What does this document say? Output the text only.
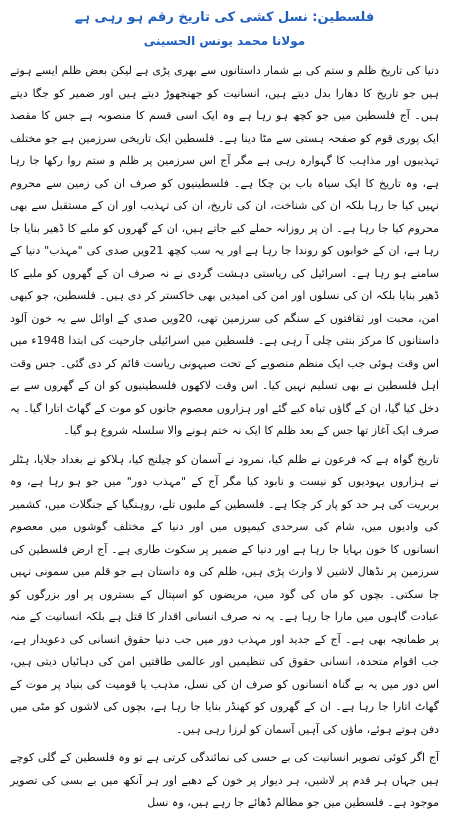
فلسطین: نسل کشی کی تاریخ رقم ہو رہی ہے
مولانا محمد یونس الحسینی

دنیا کی تاریخ ظلم و ستم کی بے شمار داستانوں سے بھری پڑی ہے لیکن بعض ظلم ایسے ہوتے ہیں جو تاریخ کا دھارا بدل دیتے ہیں، انسانیت کو جھنجھوڑ دیتے ہیں اور ضمیر کو جگا دیتے ہیں۔ آج فلسطین میں جو کچھ ہو رہا ہے وہ ایک اسی قسم کا منصوبہ ہے جس کا مقصد ایک پوری قوم کو صفحہ ہستی سے مٹا دینا ہے۔ فلسطین ایک تاریخی سرزمین ہے جو مختلف تہذیبوں اور مذاہب کا گہوارہ رہی ہے مگر آج اس سرزمین پر ظلم و ستم روا رکھا جا رہا ہے، وہ تاریخ کا ایک سیاہ باب بن چکا ہے۔ فلسطینیوں کو صرف ان کی زمین سے محروم نہیں کیا جا رہا بلکہ ان کی شناخت، ان کی تاریخ، ان کی تہذیب اور ان کے مستقبل سے بھی محروم کیا جا رہا ہے۔ ان پر روزانہ حملے کیے جاتے ہیں، ان کے گھروں کو ملبے کا ڈھیر بنایا جا رہا ہے، ان کے خوابوں کو روندا جا رہا ہے اور یہ سب کچھ 21ویں صدی کی "مہذب" دنیا کے سامنے ہو رہا ہے۔ اسرائیل کی ریاستی دہشت گردی نے نہ صرف ان کے گھروں کو ملبے کا ڈھیر بنایا بلکہ ان کی نسلوں اور امن کی امیدیں بھی خاکستر کر دی ہیں۔ فلسطین، جو کبھی امن، محبت اور ثقافتوں کے سنگم کی سرزمین تھی، 20ویں صدی کے اوائل سے یہ خون آلود داستانوں کا مرکز بنتی چلی آ رہی ہے۔ فلسطین میں اسرائیلی جارحیت کی ابتدا 1948ء میں اس وقت ہوئی جب ایک منظم منصوبے کے تحت صیہونی ریاست قائم کر دی گئی۔ جس وقت اہل فلسطین نے بھی تسلیم نہیں کیا۔ اس وقت لاکھوں فلسطینیوں کو ان کے گھروں سے بے دخل کیا گیا، ان کے گاؤں تباہ کیے گئے اور ہزاروں معصوم جانوں کو موت کے گھاٹ اتارا گیا۔ یہ صرف ایک آغاز تھا جس کے بعد ظلم کا ایک نہ ختم ہونے والا سلسلہ شروع ہو گیا۔

تاریخ گواہ ہے کہ فرعون نے ظلم کیا، نمرود نے آسمان کو چیلنج کیا، ہلاکو نے بغداد جلایا، ہٹلر نے ہزاروں یہودیوں کو نیست و نابود کیا مگر آج کے "مہذب دور" میں جو ہو رہا ہے، وہ بربریت کی ہر حد کو پار کر چکا ہے۔ فلسطین کے ملبوں تلے، روہنگیا کے جنگلات میں، کشمیر کی وادیوں میں، شام کی سرحدی کیمپوں میں اور دنیا کے مختلف گوشوں میں معصوم انسانوں کا خون بہایا جا رہا ہے اور دنیا کے ضمیر پر سکوت طاری ہے۔ آج ارض فلسطین کی سرزمین پر نڈھال لاشیں لا وارث پڑی ہیں، ظلم کی وہ داستان ہے جو قلم میں سمونی نہیں جا سکتی۔ بچوں کو ماں کی گود میں، مریضوں کو اسپتال کے بستروں پر اور بزرگوں کو عبادت گاہوں میں مارا جا رہا ہے۔ یہ نہ صرف انسانی اقدار کا قتل ہے بلکہ انسانیت کے منہ پر طمانچہ بھی ہے۔ آج کے جدید اور مہذب دور میں جب دنیا حقوق انسانی کی دعویدار ہے، جب اقوام متحدہ، انسانی حقوق کی تنظیمیں اور عالمی طاقتیں امن کی دہائیاں دیتی ہیں، اس دور میں یہ بے گناہ انسانوں کو صرف ان کی نسل، مذہب یا قومیت کی بنیاد پر موت کے گھاٹ اتارا جا رہا ہے۔ ان کے گھروں کو کھنڈر بنایا جا رہا ہے، بچوں کی لاشوں کو مٹی میں دفن ہوتے ہوئے، ماؤں کی آہیں آسمان کو لرزا رہی ہیں۔

آج اگر کوئی تصویر انسانیت کی بے حسی کی نمائندگی کرتی ہے تو وہ فلسطین کے گلی کوچے ہیں جہاں ہر قدم پر لاشیں، ہر دیوار پر خون کے دھبے اور ہر آنکھ میں بے بسی کی تصویر موجود ہے۔ فلسطین میں جو مظالم ڈھائے جا رہے ہیں، وہ نسل
